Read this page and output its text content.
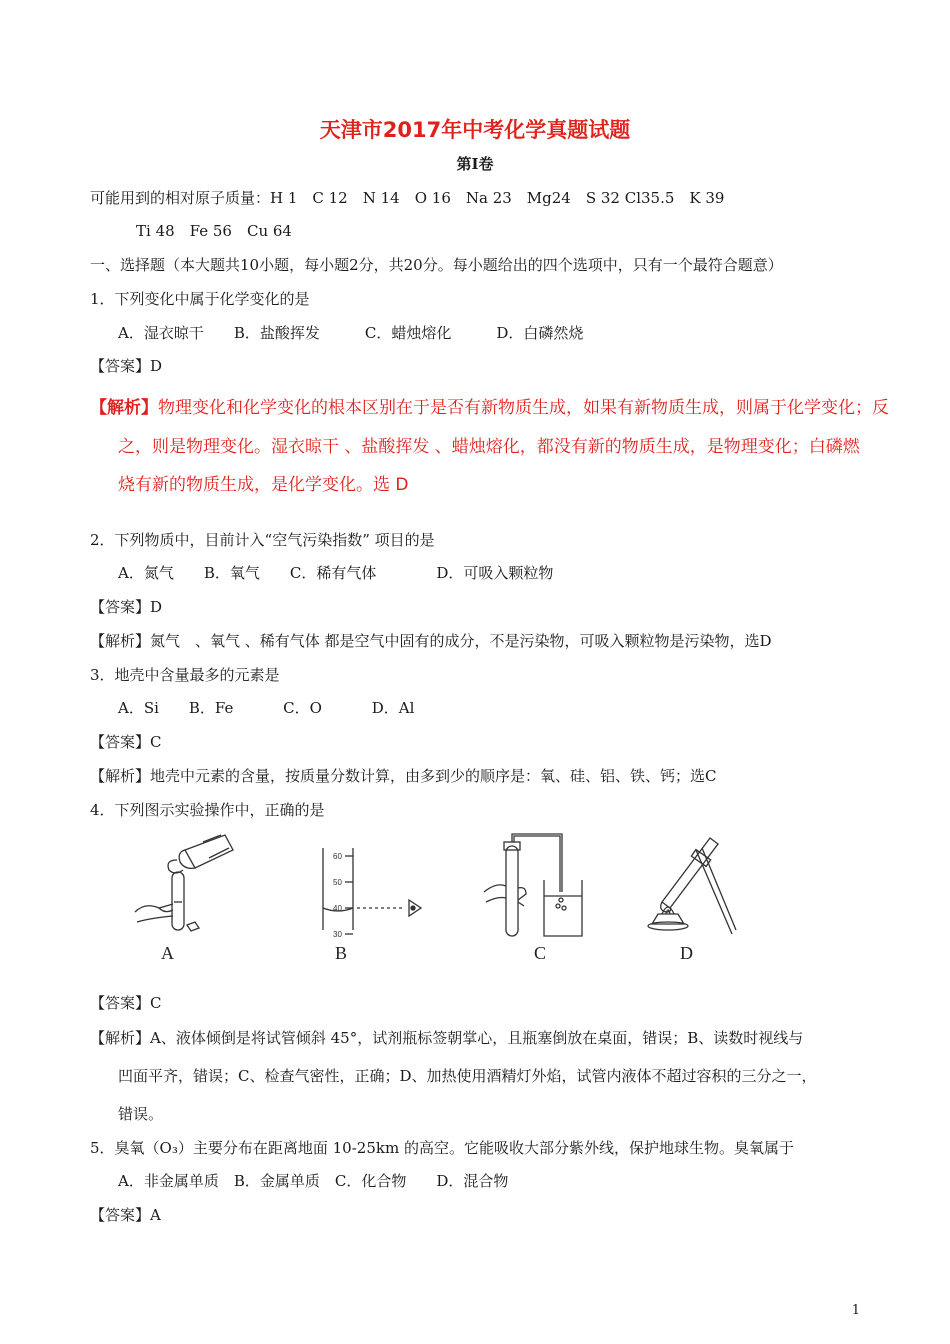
天津市2017年中考化学真题试题
第Ⅰ卷
可能用到的相对原子质量：H 1　C 12　N 14　O 16　Na 23　Mg24　S 32 Cl35.5　K 39
Ti 48　Fe 56　Cu 64
一、选择题（本大题共10小题，每小题2分，共20分。每小题给出的四个选项中，只有一个最符合题意）
1．下列变化中属于化学变化的是
A．湿衣晾干　　B．盐酸挥发　　　C．蜡烛熔化　　　D．白磷然烧
【答案】D
【解析】物理变化和化学变化的根本区别在于是否有新物质生成，如果有新物质生成，则属于化学变化；反
之，则是物理变化。湿衣晾干 、盐酸挥发 、蜡烛熔化，都没有新的物质生成，是物理变化；白磷燃
烧有新的物质生成，是化学变化。选 D
2．下列物质中，目前计入“空气污染指数” 项目的是
A．氮气　　B．氧气　　C．稀有气体　　　　D．可吸入颗粒物
【答案】D
【解析】氮气　、氧气 、稀有气体 都是空气中固有的成分，不是污染物，可吸入颗粒物是污染物，选D
3．地壳中含量最多的元素是
A．Si　　B．Fe　　　 C．O　　　 D．Al
【答案】C
【解析】地壳中元素的含量，按质量分数计算，由多到少的顺序是：氧、硅、铝、铁、钙；选C
4．下列图示实验操作中，正确的是
A
60
50
40
30
B	C	D
【答案】C
【解析】A、液体倾倒是将试管倾斜 45°，试剂瓶标签朝掌心，且瓶塞倒放在桌面，错误；B、读数时视线与
凹面平齐，错误；C、检查气密性，正确；D、加热使用酒精灯外焰，试管内液体不超过容积的三分之一，
错误。
5．臭氧（O₃）主要分布在距离地面 10-25km 的高空。它能吸收大部分紫外线，保护地球生物。臭氧属于
A．非金属单质　B．金属单质　C．化合物　　D．混合物
【答案】A
1
